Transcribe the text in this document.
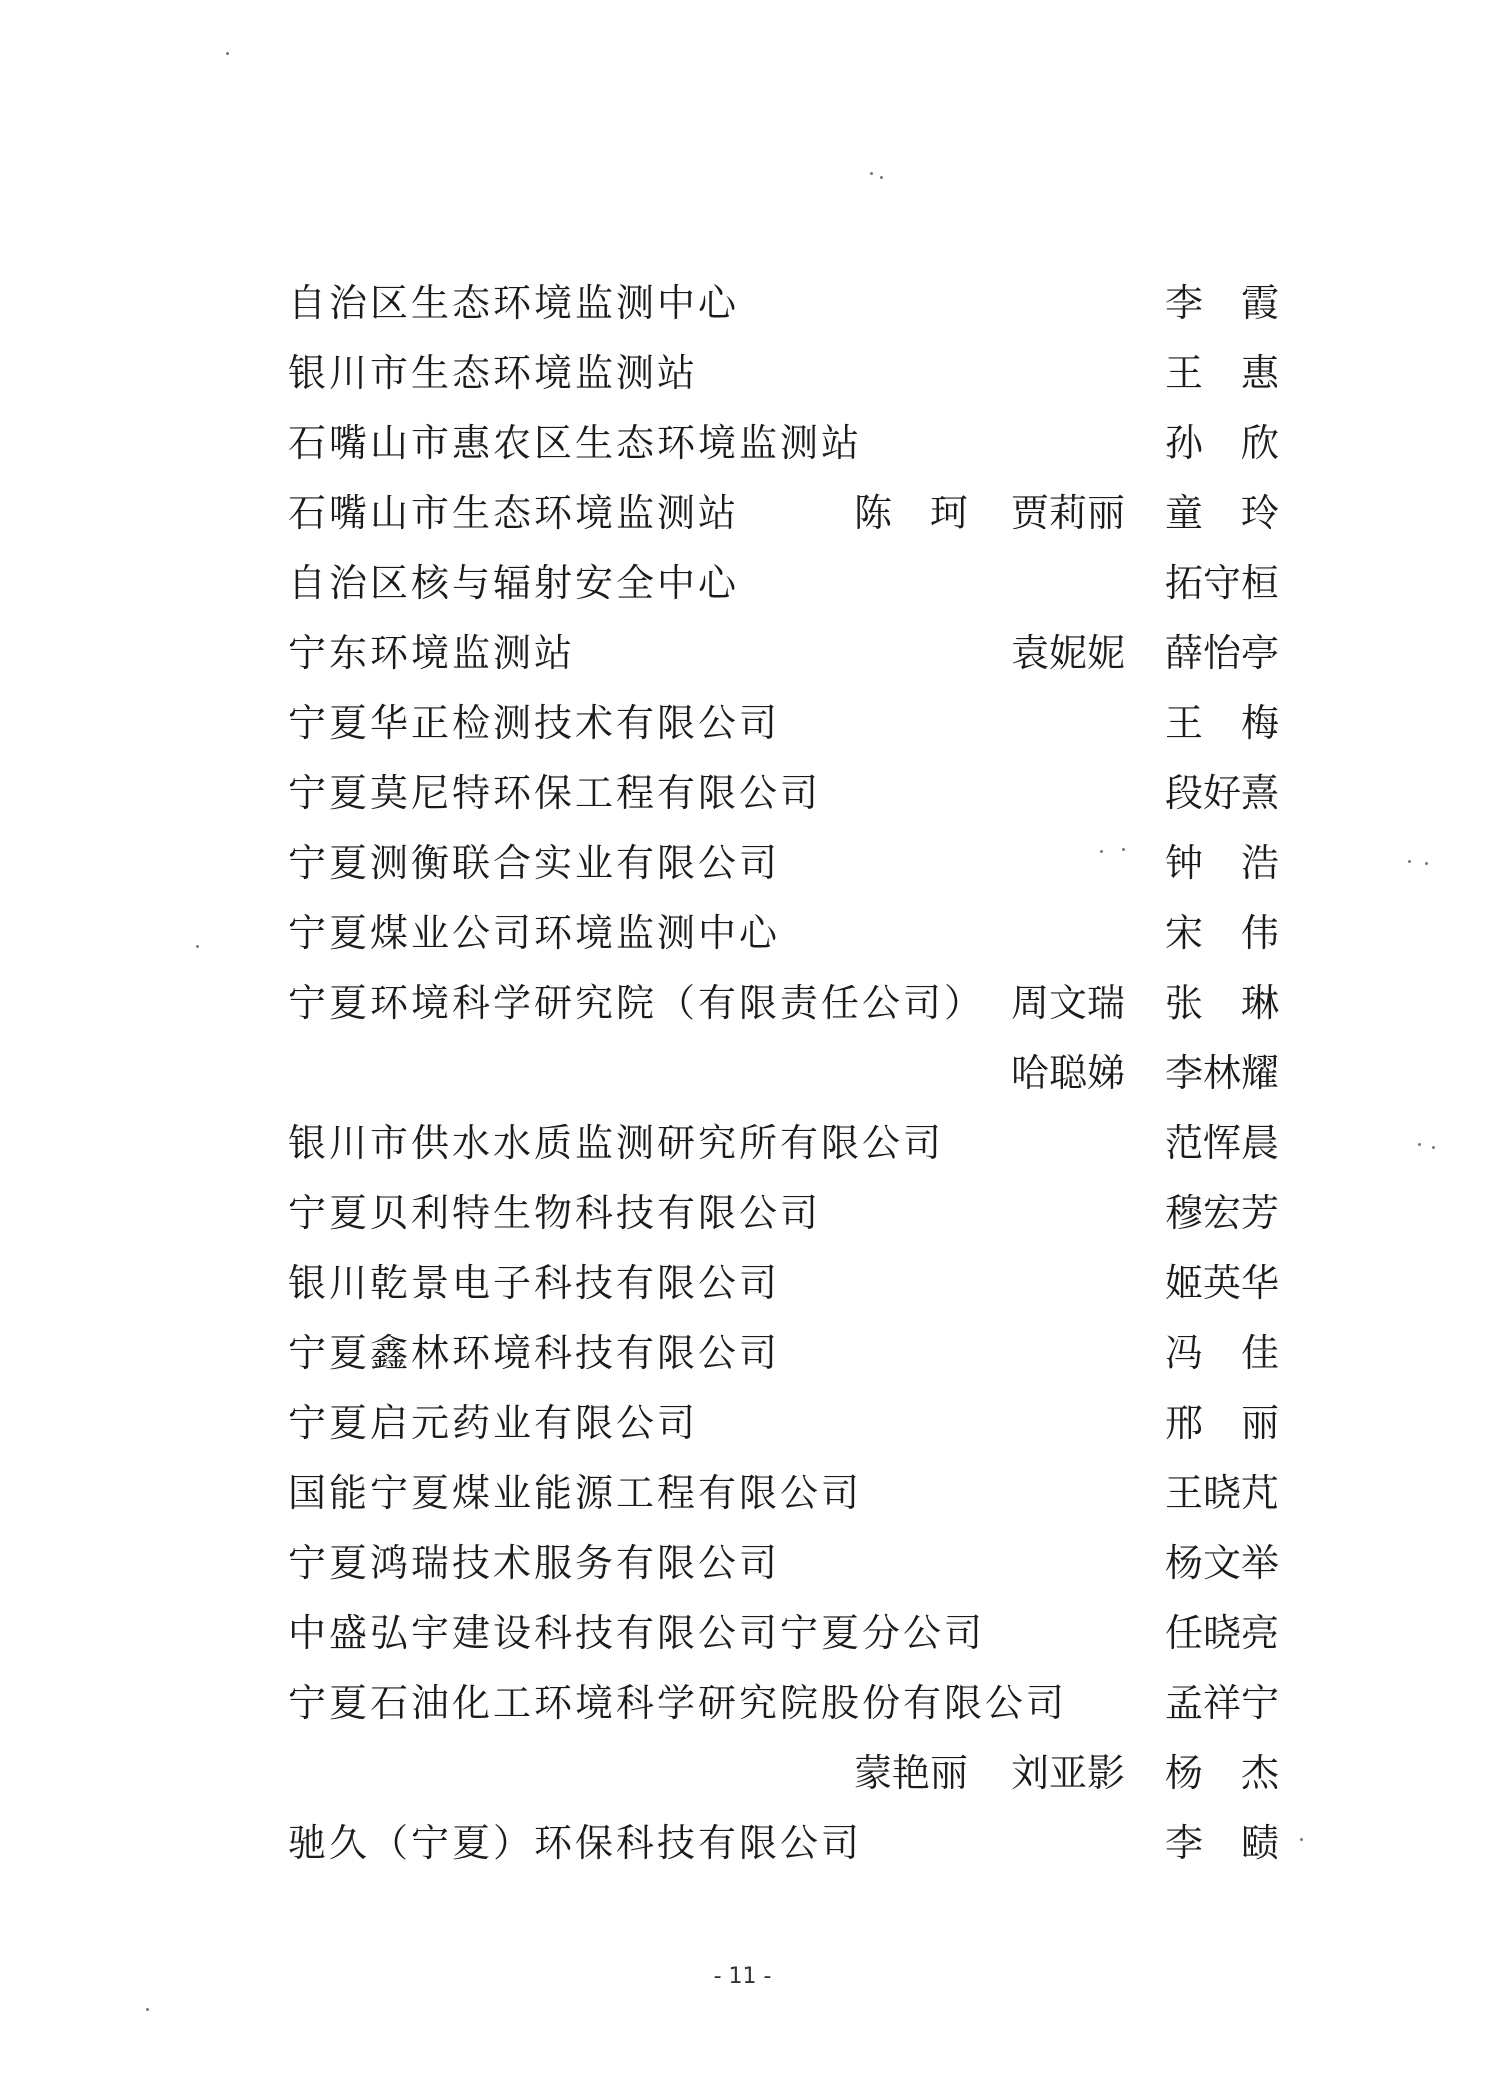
自治区生态环境监测中心	李　霞
银川市生态环境监测站	王　惠
石嘴山市惠农区生态环境监测站	孙　欣
石嘴山市生态环境监测站	陈　珂 贾莉丽 童　玲
自治区核与辐射安全中心	拓守桓
宁东环境监测站	袁妮妮 薛怡亭
宁夏华正检测技术有限公司	王　梅
宁夏莫尼特环保工程有限公司	段好熹
宁夏测衡联合实业有限公司	钟　浩
宁夏煤业公司环境监测中心	宋　伟
宁夏环境科学研究院（有限责任公司） 周文瑞 张　琳
哈聪娣 李林耀
银川市供水水质监测研究所有限公司	范恽晨
宁夏贝利特生物科技有限公司	穆宏芳
银川乾景电子科技有限公司	姬英华
宁夏鑫林环境科技有限公司	冯　佳
宁夏启元药业有限公司	邢　丽
国能宁夏煤业能源工程有限公司	王晓芃
宁夏鸿瑞技术服务有限公司	杨文举
中盛弘宇建设科技有限公司宁夏分公司	任晓亮
宁夏石油化工环境科学研究院股份有限公司	孟祥宁
蒙艳丽 刘亚影 杨　杰
驰久（宁夏）环保科技有限公司	李　赜
- 11 -
